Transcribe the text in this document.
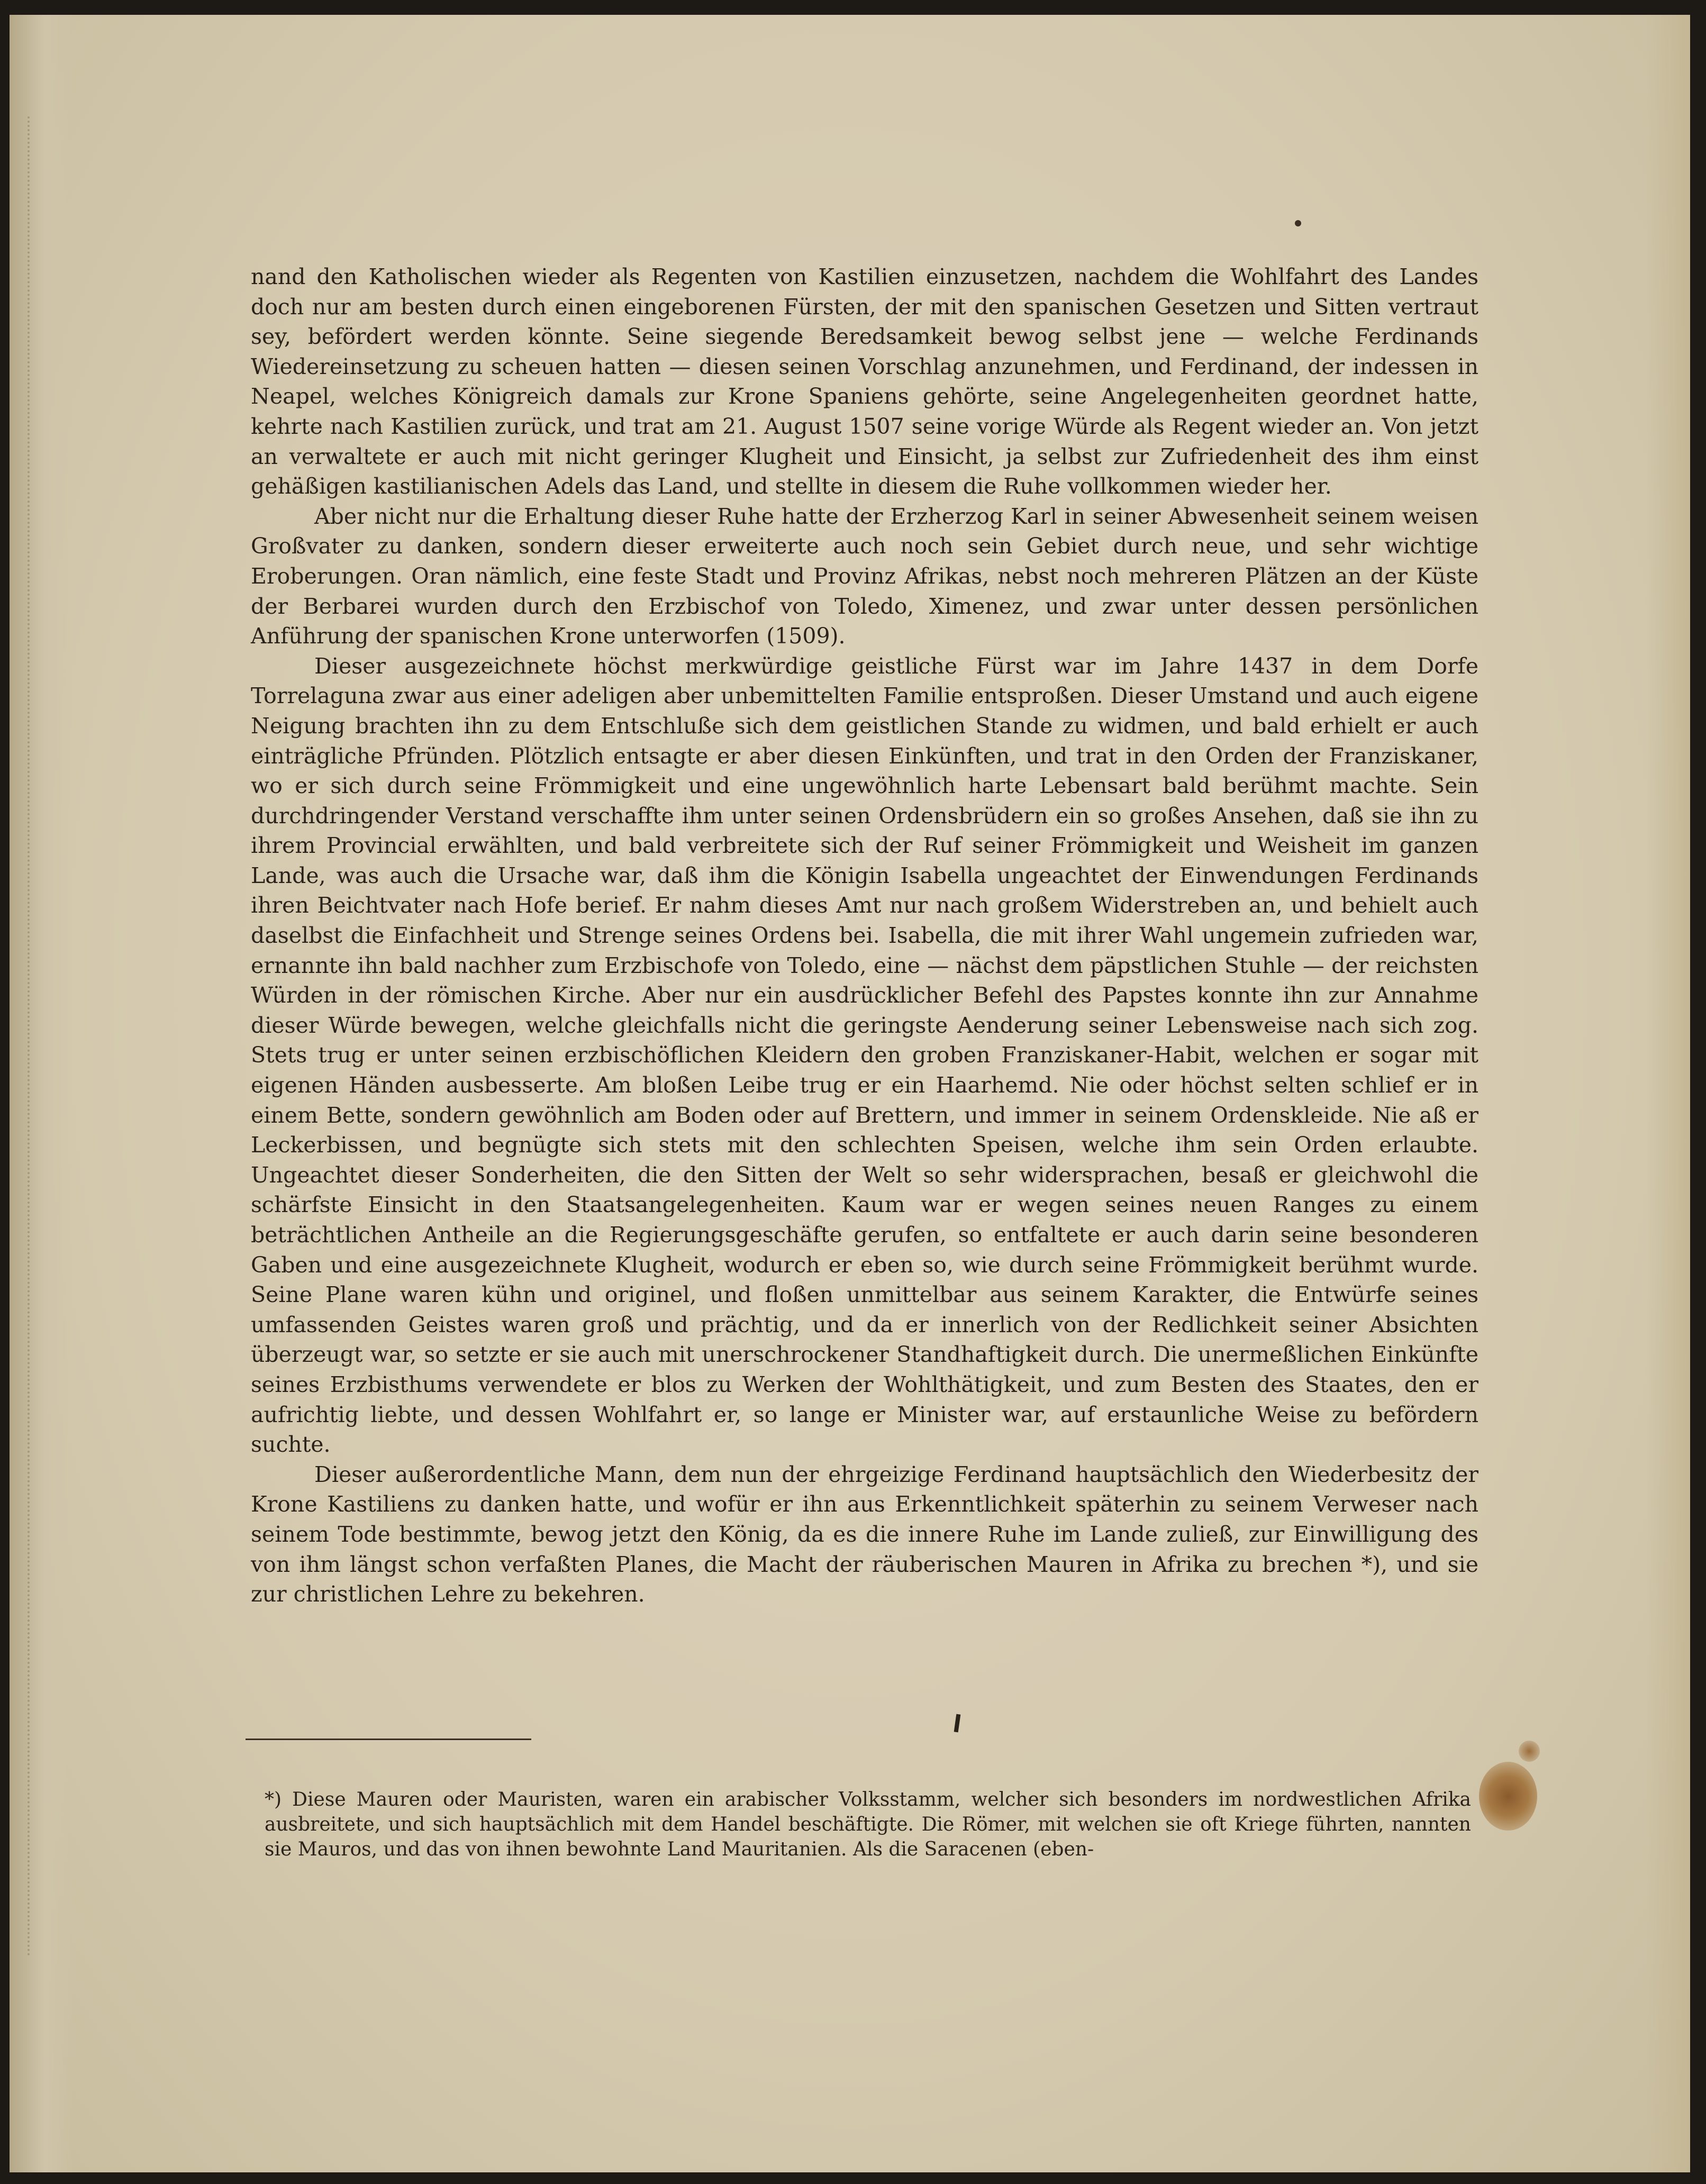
nand den Katholischen wieder als Regenten von Kastilien einzusetzen, nachdem die Wohlfahrt des Landes doch nur am besten durch einen eingeborenen Fürsten, der mit den spanischen Gesetzen und Sitten vertraut sey, befördert werden könnte. Seine siegende Beredsamkeit bewog selbst jene — welche Ferdinands Wiedereinsetzung zu scheuen hatten — diesen seinen Vorschlag anzunehmen, und Ferdinand, der indessen in Neapel, welches Königreich damals zur Krone Spaniens gehörte, seine Angelegenheiten geordnet hatte, kehrte nach Kastilien zurück, und trat am 21. August 1507 seine vorige Würde als Regent wieder an. Von jetzt an verwaltete er auch mit nicht geringer Klugheit und Einsicht, ja selbst zur Zufriedenheit des ihm einst gehäßigen kastilianischen Adels das Land, und stellte in diesem die Ruhe vollkommen wieder her.

Aber nicht nur die Erhaltung dieser Ruhe hatte der Erzherzog Karl in seiner Abwesenheit seinem weisen Großvater zu danken, sondern dieser erweiterte auch noch sein Gebiet durch neue, und sehr wichtige Eroberungen. Oran nämlich, eine feste Stadt und Provinz Afrikas, nebst noch mehreren Plätzen an der Küste der Berbarei wurden durch den Erzbischof von Toledo, Ximenez, und zwar unter dessen persönlichen Anführung der spanischen Krone unterworfen (1509).

Dieser ausgezeichnete höchst merkwürdige geistliche Fürst war im Jahre 1437 in dem Dorfe Torrelaguna zwar aus einer adeligen aber unbemittelten Familie entsproßen. Dieser Umstand und auch eigene Neigung brachten ihn zu dem Entschluße sich dem geistlichen Stande zu widmen, und bald erhielt er auch einträgliche Pfründen. Plötzlich entsagte er aber diesen Einkünften, und trat in den Orden der Franziskaner, wo er sich durch seine Frömmigkeit und eine ungewöhnlich harte Lebensart bald berühmt machte. Sein durchdringender Verstand verschaffte ihm unter seinen Ordensbrüdern ein so großes Ansehen, daß sie ihn zu ihrem Provincial erwählten, und bald verbreitete sich der Ruf seiner Frömmigkeit und Weisheit im ganzen Lande, was auch die Ursache war, daß ihm die Königin Isabella ungeachtet der Einwendungen Ferdinands ihren Beichtvater nach Hofe berief. Er nahm dieses Amt nur nach großem Widerstreben an, und behielt auch daselbst die Einfachheit und Strenge seines Ordens bei. Isabella, die mit ihrer Wahl ungemein zufrieden war, ernannte ihn bald nachher zum Erzbischofe von Toledo, eine — nächst dem päpstlichen Stuhle — der reichsten Würden in der römischen Kirche. Aber nur ein ausdrücklicher Befehl des Papstes konnte ihn zur Annahme dieser Würde bewegen, welche gleichfalls nicht die geringste Aenderung seiner Lebensweise nach sich zog. Stets trug er unter seinen erzbischöflichen Kleidern den groben Franziskaner-Habit, welchen er sogar mit eigenen Händen ausbesserte. Am bloßen Leibe trug er ein Haarhemd. Nie oder höchst selten schlief er in einem Bette, sondern gewöhnlich am Boden oder auf Brettern, und immer in seinem Ordenskleide. Nie aß er Leckerbissen, und begnügte sich stets mit den schlechten Speisen, welche ihm sein Orden erlaubte. Ungeachtet dieser Sonderheiten, die den Sitten der Welt so sehr widersprachen, besaß er gleichwohl die schärfste Einsicht in den Staatsangelegenheiten. Kaum war er wegen seines neuen Ranges zu einem beträchtlichen Antheile an die Regierungsgeschäfte gerufen, so entfaltete er auch darin seine besonderen Gaben und eine ausgezeichnete Klugheit, wodurch er eben so, wie durch seine Frömmigkeit berühmt wurde. Seine Plane waren kühn und originel, und floßen unmittelbar aus seinem Karakter, die Entwürfe seines umfassenden Geistes waren groß und prächtig, und da er innerlich von der Redlichkeit seiner Absichten überzeugt war, so setzte er sie auch mit unerschrockener Standhaftigkeit durch. Die unermeßlichen Einkünfte seines Erzbisthums verwendete er blos zu Werken der Wohlthätigkeit, und zum Besten des Staates, den er aufrichtig liebte, und dessen Wohlfahrt er, so lange er Minister war, auf erstaunliche Weise zu befördern suchte.

Dieser außerordentliche Mann, dem nun der ehrgeizige Ferdinand hauptsächlich den Wiederbesitz der Krone Kastiliens zu danken hatte, und wofür er ihn aus Erkenntlichkeit späterhin zu seinem Verweser nach seinem Tode bestimmte, bewog jetzt den König, da es die innere Ruhe im Lande zuließ, zur Einwilligung des von ihm längst schon verfaßten Planes, die Macht der räuberischen Mauren in Afrika zu brechen *), und sie zur christlichen Lehre zu bekehren.

*) Diese Mauren oder Mauristen, waren ein arabischer Volksstamm, welcher sich besonders im nordwestlichen Afrika ausbreitete, und sich hauptsächlich mit dem Handel beschäftigte. Die Römer, mit welchen sie oft Kriege führten, nannten sie Mauros, und das von ihnen bewohnte Land Mauritanien. Als die Saracenen (eben-
